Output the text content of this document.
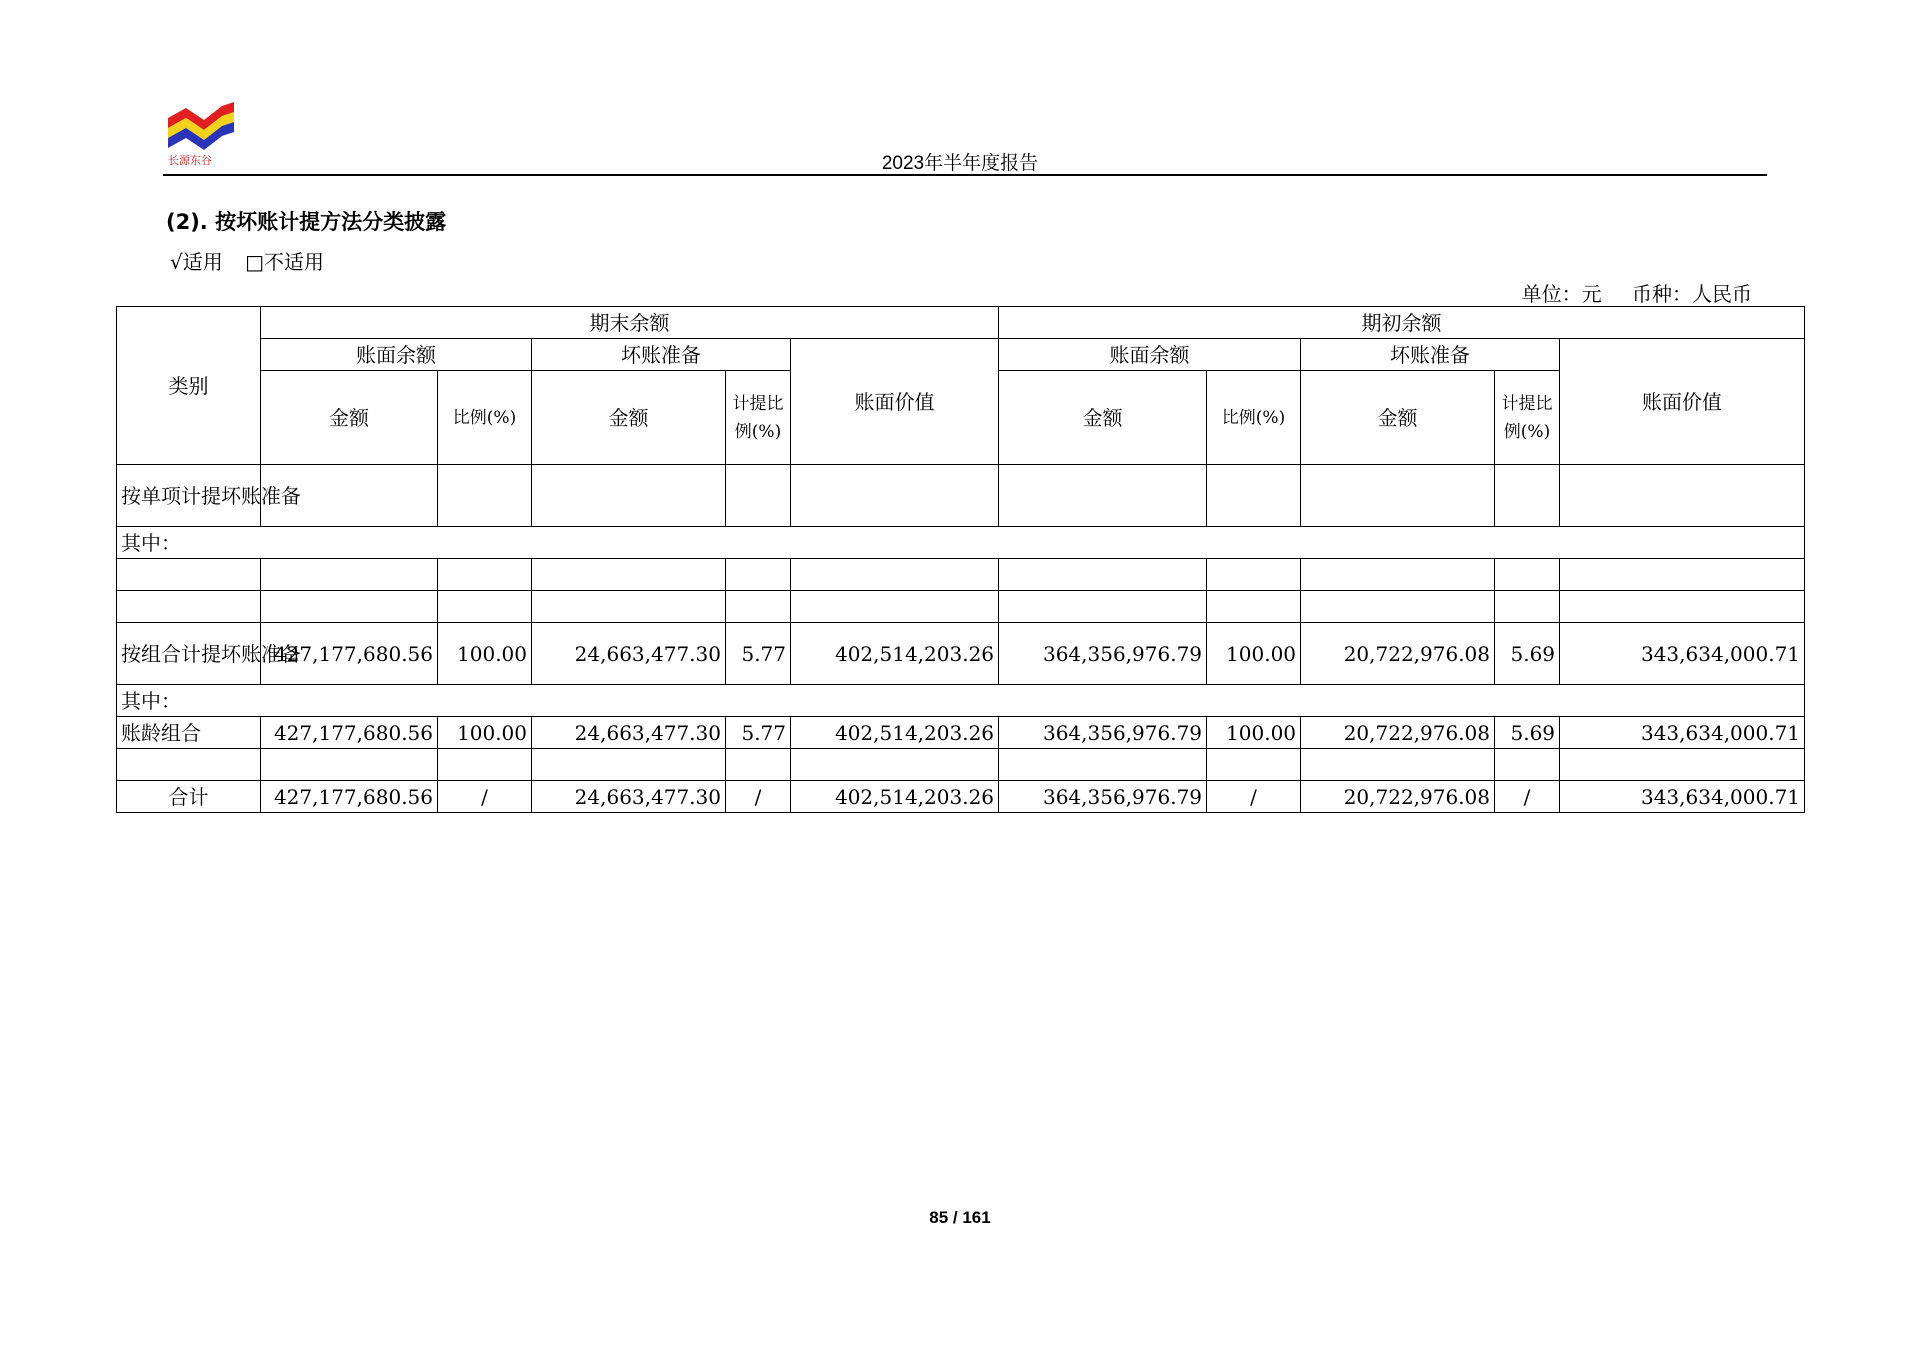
长源东谷	2023年半年度报告
(2). 按坏账计提方法分类披露
√适用 □不适用
单位：元 币种：人民币
类别	期末余额					期初余额				
	账面余额		坏账准备		账面价值	账面余额		坏账准备		账面价值
	金额	比例(%)	金额	计提比例(%)		金额	比例(%)	金额	计提比例(%)	
按单项计提坏账准备										
其中：										

按组合计提坏账准备	427,177,680.56	100.00	24,663,477.30	5.77	402,514,203.26	364,356,976.79	100.00	20,722,976.08	5.69	343,634,000.71
其中：										
账龄组合	427,177,680.56	100.00	24,663,477.30	5.77	402,514,203.26	364,356,976.79	100.00	20,722,976.08	5.69	343,634,000.71

合计	427,177,680.56	/	24,663,477.30	/	402,514,203.26	364,356,976.79	/	20,722,976.08	/	343,634,000.71
85 / 161
